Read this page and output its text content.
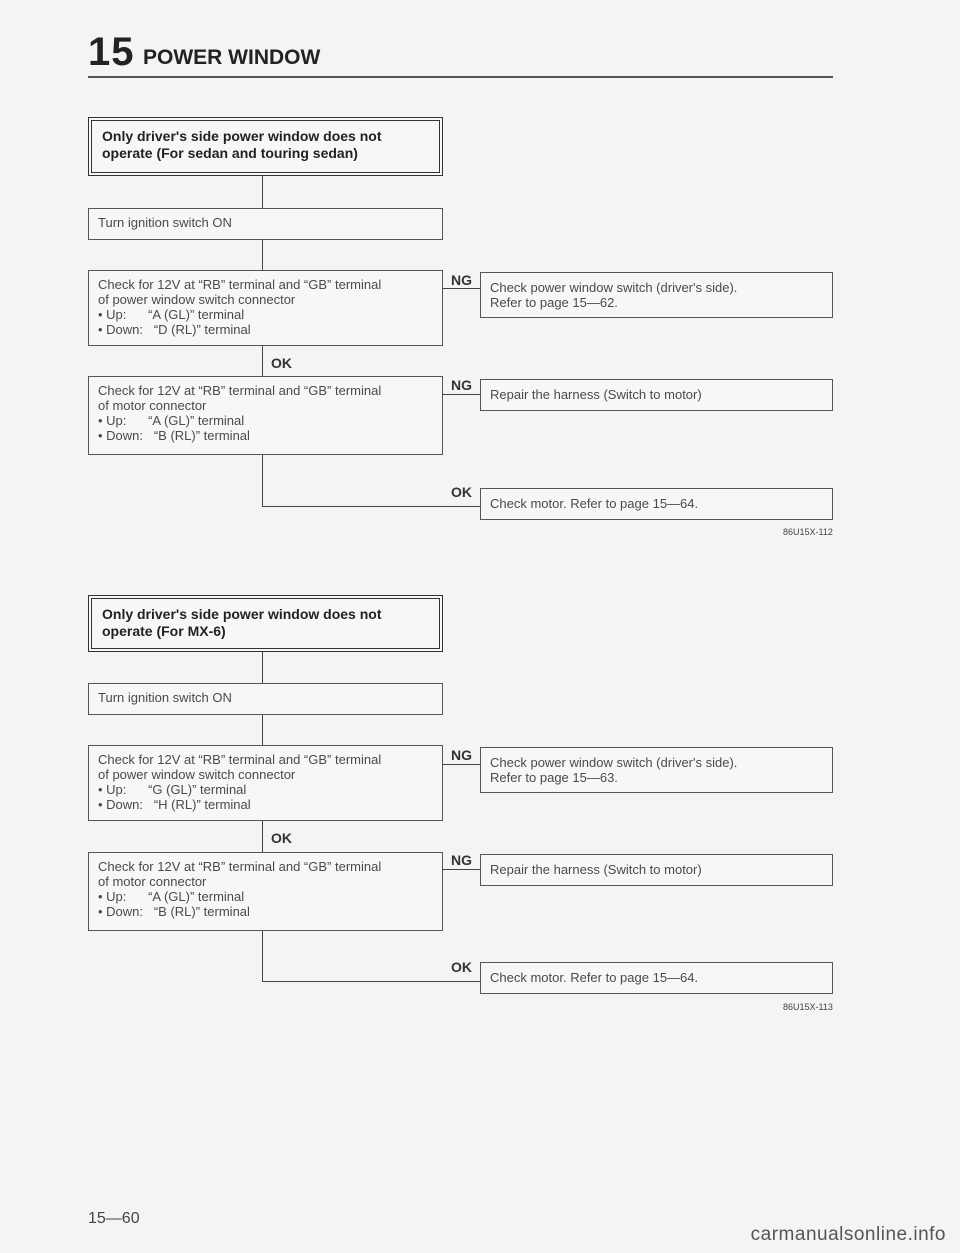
15 POWER WINDOW
Only driver's side power window does not
operate (For sedan and touring sedan)
Turn ignition switch ON
Check for 12V at “RB” terminal and “GB” terminal
of power window switch connector
• Up:      “A (GL)” terminal
• Down:   “D (RL)” terminal
NG Check power window switch (driver's side).
Refer to page 15—62.
OK
Check for 12V at “RB” terminal and “GB” terminal
of motor connector
• Up:      “A (GL)” terminal
• Down:   “B (RL)” terminal
NG
Repair the harness (Switch to motor)
OK
Check motor. Refer to page 15—64.
86U15X-112
Only driver's side power window does not
operate (For MX-6)
Turn ignition switch ON
Check for 12V at “RB” terminal and “GB” terminal
of power window switch connector
• Up:      “G (GL)” terminal
• Down:   “H (RL)” terminal
NG Check power window switch (driver's side).
Refer to page 15—63.
OK
Check for 12V at “RB” terminal and “GB” terminal
of motor connector
• Up:      “A (GL)” terminal
• Down:   “B (RL)” terminal
NG
Repair the harness (Switch to motor)
OK
Check motor. Refer to page 15—64.
86U15X-113
15—60
carmanualsonline.info
